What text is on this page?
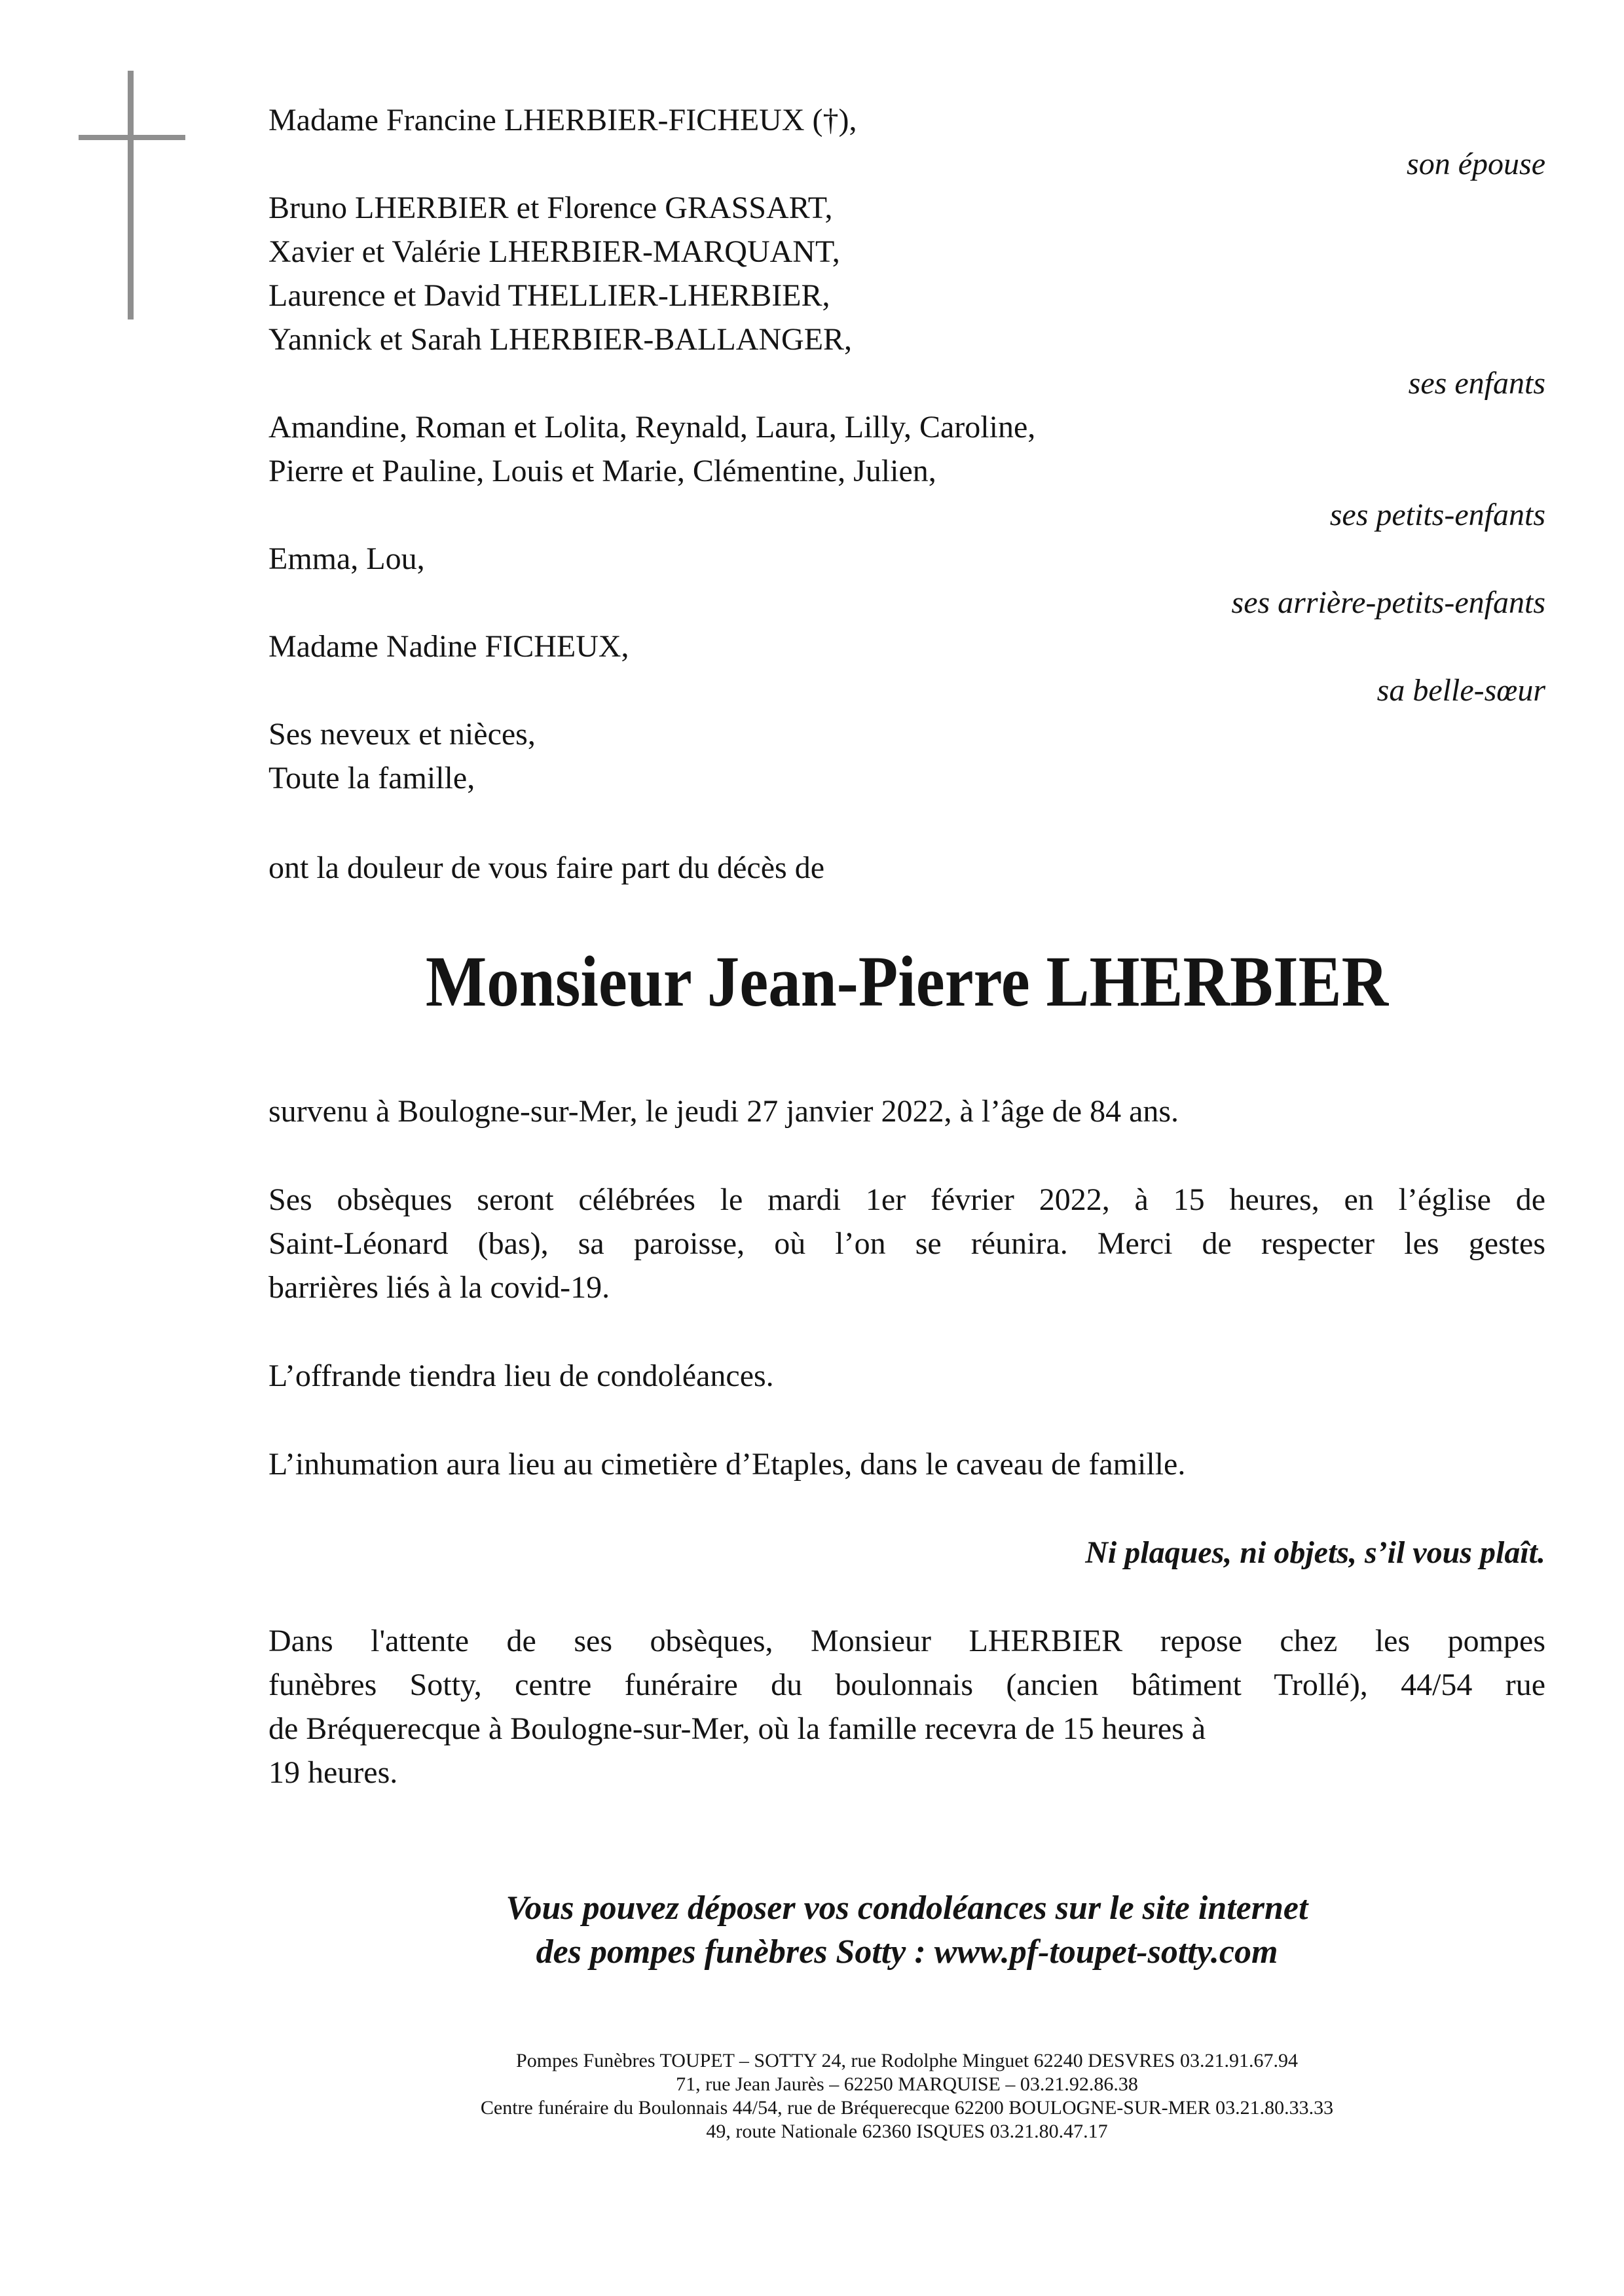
Madame Francine LHERBIER-FICHEUX (†),
son épouse
Bruno LHERBIER et Florence GRASSART,
Xavier et Valérie LHERBIER-MARQUANT,
Laurence et David THELLIER-LHERBIER,
Yannick et Sarah LHERBIER-BALLANGER,
ses enfants
Amandine, Roman et Lolita, Reynald, Laura, Lilly, Caroline,
Pierre et Pauline, Louis et Marie, Clémentine, Julien,
ses petits-enfants
Emma, Lou,
ses arrière-petits-enfants
Madame Nadine FICHEUX,
sa belle-sœur
Ses neveux et nièces,
Toute la famille,
ont la douleur de vous faire part du décès de
Monsieur Jean-Pierre LHERBIER
survenu à Boulogne-sur-Mer, le jeudi 27 janvier 2022, à l’âge de 84 ans.
Ses obsèques seront célébrées le mardi 1er février 2022, à 15 heures, en l’église de
Saint-Léonard (bas), sa paroisse, où l’on se réunira. Merci de respecter les gestes
barrières liés à la covid-19.
L’offrande tiendra lieu de condoléances.
L’inhumation aura lieu au cimetière d’Etaples, dans le caveau de famille.
Ni plaques, ni objets, s’il vous plaît.
Dans l'attente de ses obsèques, Monsieur LHERBIER repose chez les pompes
funèbres Sotty, centre funéraire du boulonnais (ancien bâtiment Trollé), 44/54 rue
de Bréquerecque à Boulogne-sur-Mer, où la famille recevra de 15 heures à
19 heures.
Vous pouvez déposer vos condoléances sur le site internet
des pompes funèbres Sotty : www.pf-toupet-sotty.com
Pompes Funèbres TOUPET – SOTTY 24, rue Rodolphe Minguet 62240 DESVRES 03.21.91.67.94
71, rue Jean Jaurès – 62250 MARQUISE – 03.21.92.86.38
Centre funéraire du Boulonnais 44/54, rue de Bréquerecque 62200 BOULOGNE-SUR-MER 03.21.80.33.33
49, route Nationale 62360 ISQUES 03.21.80.47.17
